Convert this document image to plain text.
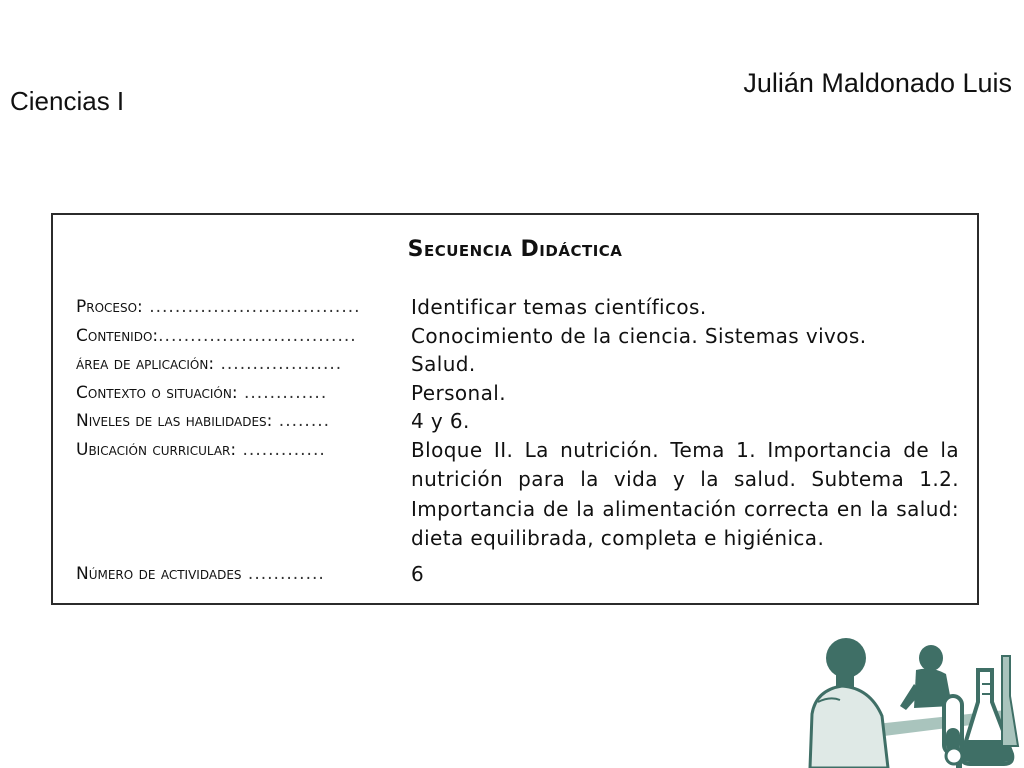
Ciencias I
Julián Maldonado Luis
Secuencia Didáctica
Proceso: .................................	Identificar temas científicos.
Contenido:...............................	Conocimiento de la ciencia. Sistemas vivos.
área de aplicación: ...................	Salud.
Contexto o situación: .............	Personal.
Niveles de las habilidades: ........	4 y 6.
Ubicación curricular: .............	Bloque II. La nutrición. Tema 1. Importancia de la nutrición para la vida y la salud. Subtema 1.2. Importancia de la alimentación correcta en la salud: dieta equilibrada, completa e higiénica.
Número de actividades ............	6
